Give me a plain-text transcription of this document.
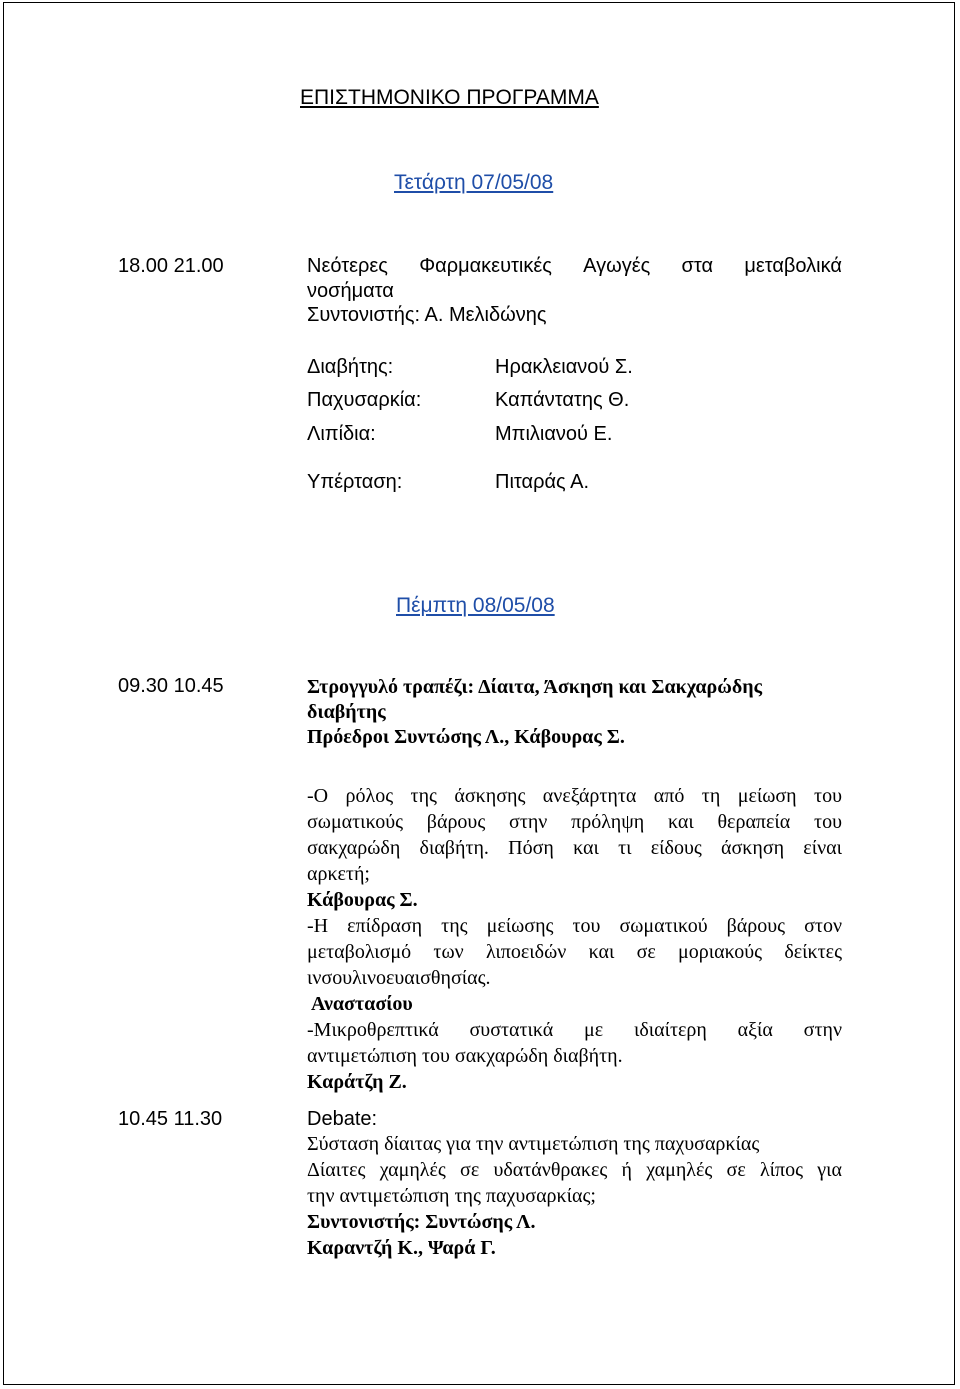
ΕΠΙΣΤΗΜΟΝΙΚΟ ΠΡΟΓΡΑΜΜΑ
Τετάρτη 07/05/08
18.00 21.00	Νεότερες Φαρμακευτικές Αγωγές στα μεταβολικά
νοσήματα
Συντονιστής: Α. Μελιδώνης
Διαβήτης:	Ηρακλειανού Σ.
Παχυσαρκία:	Καπάντατης Θ.
Λιπίδια:	Μπιλιανού Ε.
Υπέρταση:	Πιταράς Α.
Πέμπτη 08/05/08
09.30 10.45	Στρογγυλό τραπέζι: Δίαιτα, Άσκηση και Σακχαρώδης
διαβήτης
Πρόεδροι Συντώσης Λ., Κάβουρας Σ.
-Ο ρόλος της άσκησης ανεξάρτητα από τη μείωση του
σωματικούς βάρους στην πρόληψη και θεραπεία του
σακχαρώδη διαβήτη. Πόση και τι είδους άσκηση είναι
αρκετή;
Κάβουρας Σ.
-Η επίδραση της μείωσης του σωματικού βάρους στον
μεταβολισμό των λιποειδών και σε μοριακούς δείκτες
ινσουλινοευαισθησίας.
Αναστασίου
-Μικροθρεπτικά συστατικά με ιδιαίτερη αξία στην
αντιμετώπιση του σακχαρώδη διαβήτη.
Καράτζη Ζ.
10.45 11.30	Debate:
Σύσταση δίαιτας για την αντιμετώπιση της παχυσαρκίας
Δίαιτες χαμηλές σε υδατάνθρακες ή χαμηλές σε λίπος για
την αντιμετώπιση της παχυσαρκίας;
Συντονιστής: Συντώσης Λ.
Καραντζή Κ., Ψαρά Γ.
